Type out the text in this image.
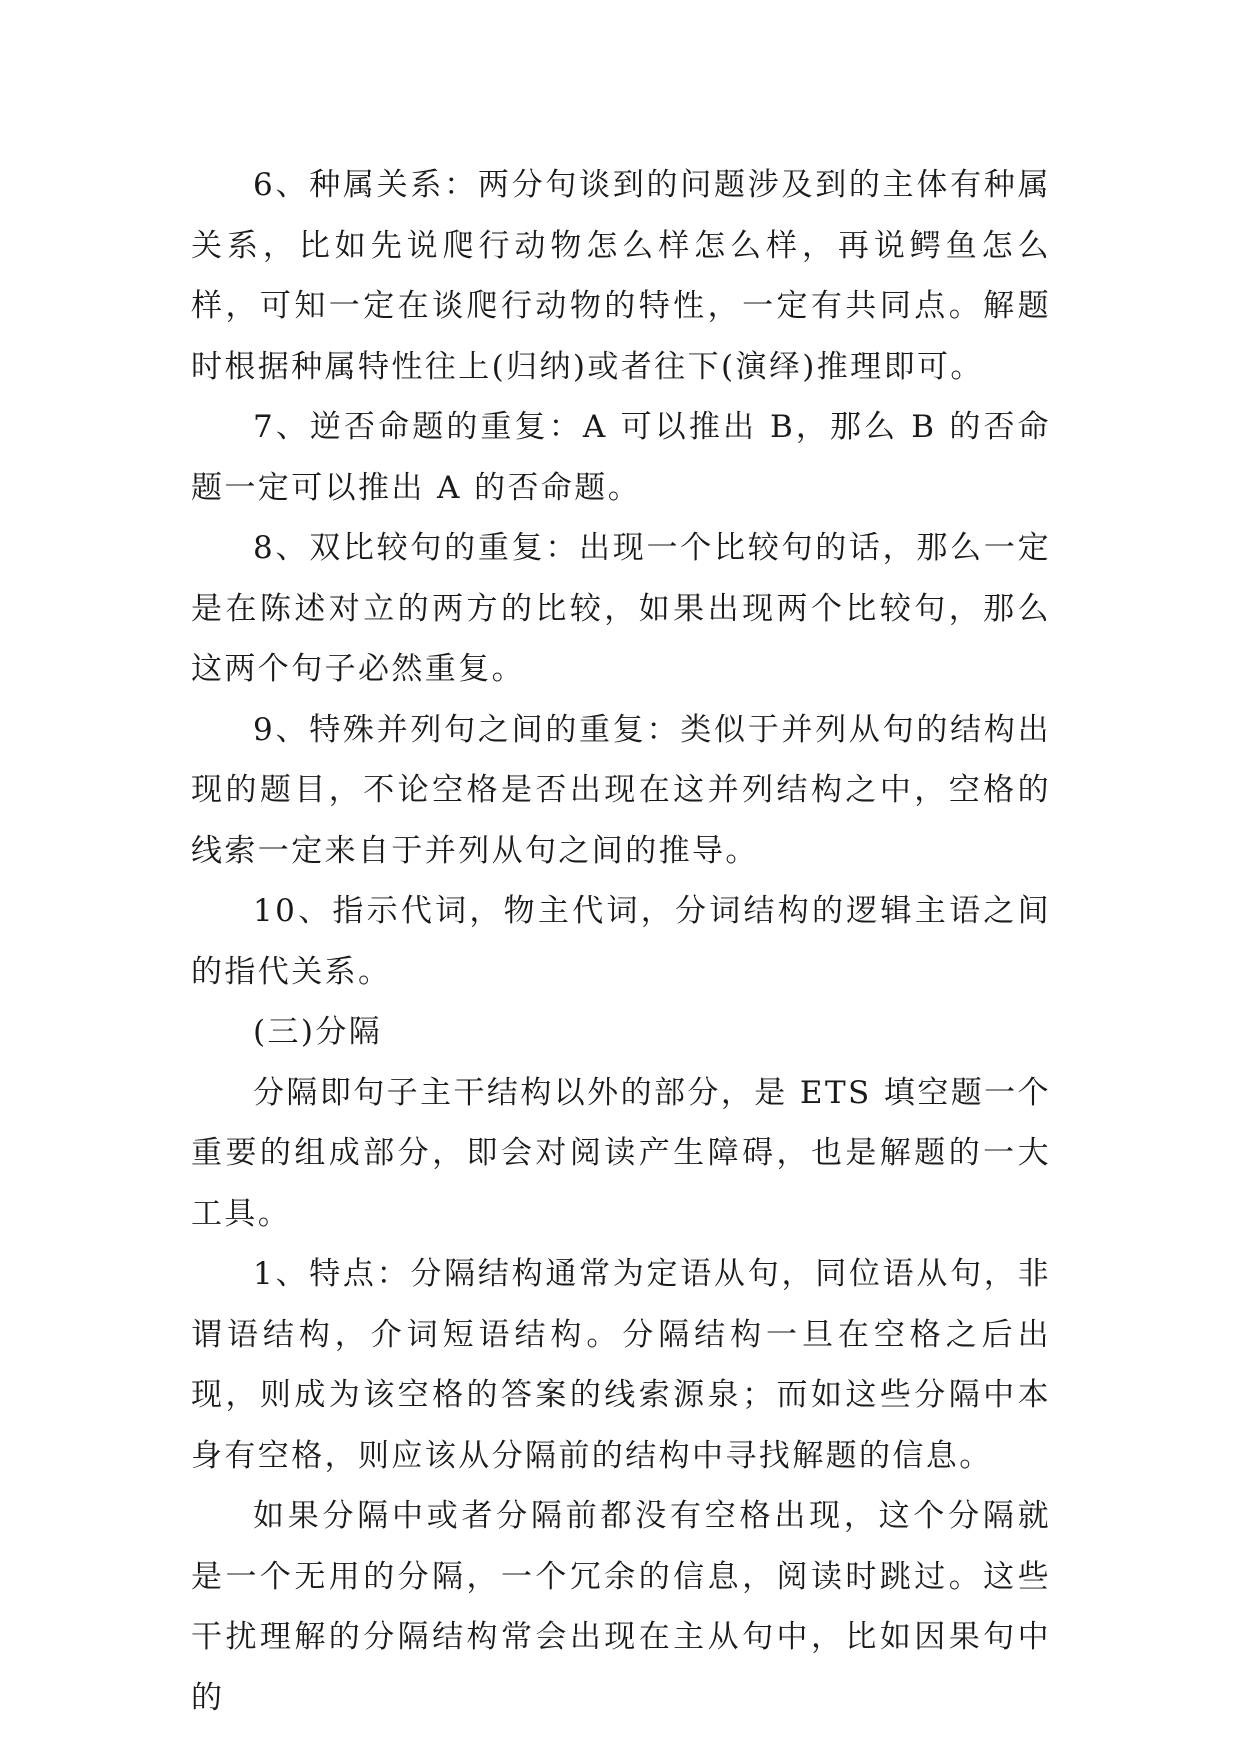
6、种属关系：两分句谈到的问题涉及到的主体有种属关系，比如先说爬行动物怎么样怎么样，再说鳄鱼怎么样，可知一定在谈爬行动物的特性，一定有共同点。解题时根据种属特性往上(归纳)或者往下(演绎)推理即可。

7、逆否命题的重复：A 可以推出 B，那么 B 的否命题一定可以推出 A 的否命题。

8、双比较句的重复：出现一个比较句的话，那么一定是在陈述对立的两方的比较，如果出现两个比较句，那么这两个句子必然重复。

9、特殊并列句之间的重复：类似于并列从句的结构出现的题目，不论空格是否出现在这并列结构之中，空格的线索一定来自于并列从句之间的推导。

10、指示代词，物主代词，分词结构的逻辑主语之间的指代关系。

(三)分隔

分隔即句子主干结构以外的部分，是 ETS 填空题一个重要的组成部分，即会对阅读产生障碍，也是解题的一大工具。

1、特点：分隔结构通常为定语从句，同位语从句，非谓语结构，介词短语结构。分隔结构一旦在空格之后出现，则成为该空格的答案的线索源泉；而如这些分隔中本身有空格，则应该从分隔前的结构中寻找解题的信息。

如果分隔中或者分隔前都没有空格出现，这个分隔就是一个无用的分隔，一个冗余的信息，阅读时跳过。这些干扰理解的分隔结构常会出现在主从句中，比如因果句中的
